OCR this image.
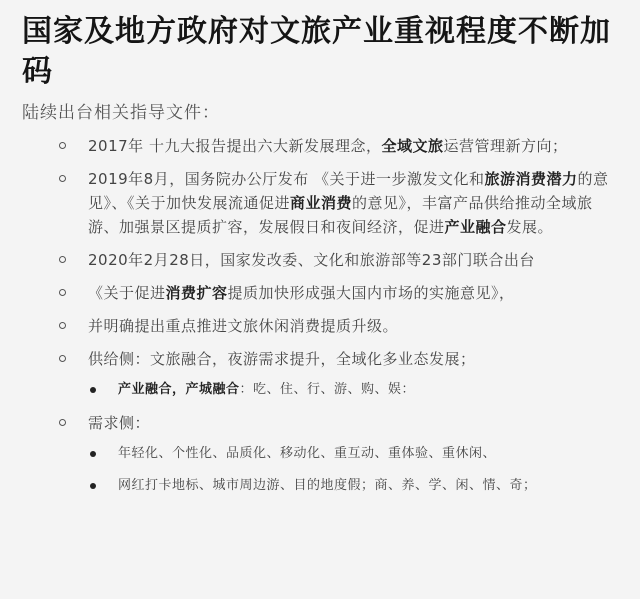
国家及地方政府对文旅产业重视程度不断加码

陆续出台相关指导文件：

2017年 十九大报告提出六大新发展理念，全域文旅运营管理新方向；
2019年8月，国务院办公厅发布 《关于进一步激发文化和旅游消费潜力的意见》、《关于加快发展流通促进商业消费的意见》，丰富产品供给推动全域旅游、加强景区提质扩容，发展假日和夜间经济，促进产业融合发展。
2020年2月28日，国家发改委、文化和旅游部等23部门联合出台
《关于促进消费扩容提质加快形成强大国内市场的实施意见》，
并明确提出重点推进文旅休闲消费提质升级。
供给侧：文旅融合，夜游需求提升，全域化多业态发展；
产业融合，产城融合：吃、住、行、游、购、娱：
需求侧：
年轻化、个性化、品质化、移动化、重互动、重体验、重休闲、
网红打卡地标、城市周边游、目的地度假；商、养、学、闲、情、奇；
